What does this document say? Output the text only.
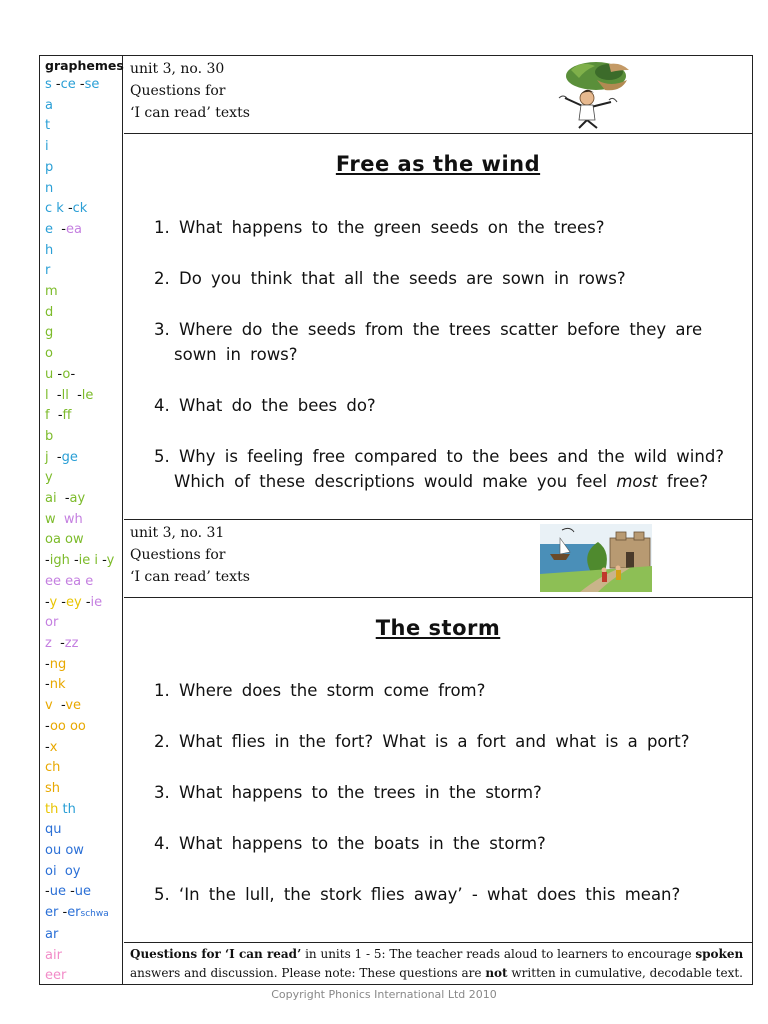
graphemes
s -ce -se
a
t
i
p
n
c k -ck
e  -ea
h
r
m
d
g
o
u -o-
l  -ll  -le
f  -ff
b
j  -ge
y
ai  -ay
w  wh
oa ow
-igh -ie i -y
ee ea e
-y -ey -ie
or
z  -zz
-ng
-nk
v  -ve
-oo oo
-x
ch
sh
th th
qu
ou ow
oi  oy
-ue -ue
er -erschwa
ar
air
eer
unit 3, no. 30
Questions for
‘I can read’ texts
Free as the wind
1. What happens to the green seeds on the trees?
2. Do you think that all the seeds are sown in rows?
3. Where do the seeds from the trees scatter before they are sown in rows?
4. What do the bees do?
5. Why is feeling free compared to the bees and the wild wind? Which of these descriptions would make you feel most free?
unit 3, no. 31
Questions for
‘I can read’ texts
The storm
1. Where does the storm come from?
2. What flies in the fort? What is a fort and what is a port?
3. What happens to the trees in the storm?
4. What happens to the boats in the storm?
5. ‘In the lull, the stork flies away’ - what does this mean?
Questions for ‘I can read’ in units 1 - 5: The teacher reads aloud to learners to encourage spoken answers and discussion. Please note: These questions are not written in cumulative, decodable text.
Copyright Phonics International Ltd 2010
